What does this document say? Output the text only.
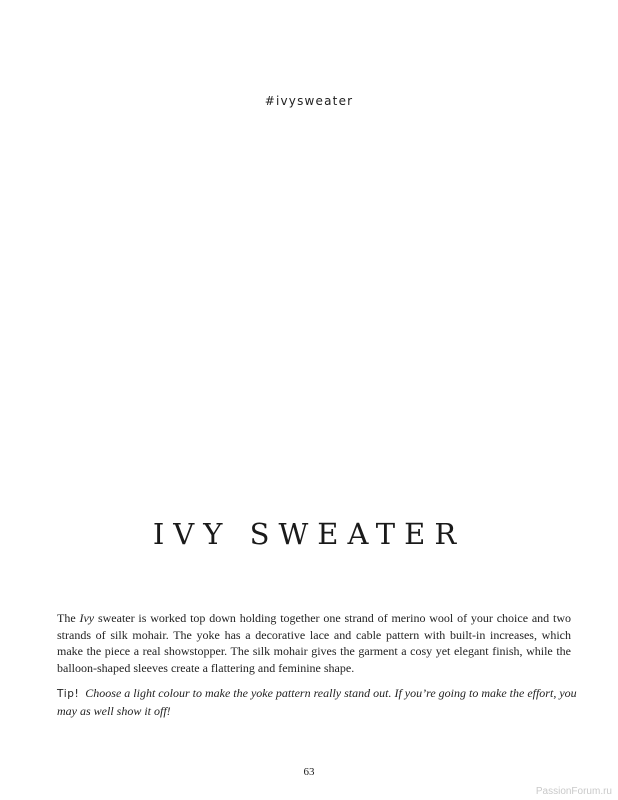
#ivysweater
IVY SWEATER

The Ivy sweater is worked top down holding together one strand of merino wool of your choice and two strands of silk mohair. The yoke has a decorative lace and cable pattern with built-in increases, which make the piece a real showstopper. The silk mohair gives the garment a cosy yet elegant finish, while the balloon-shaped sleeves create a flattering and feminine shape.

Tip! Choose a light colour to make the yoke pattern really stand out. If you’re going to make the effort, you may as well show it off!

63
PassionForum.ru
